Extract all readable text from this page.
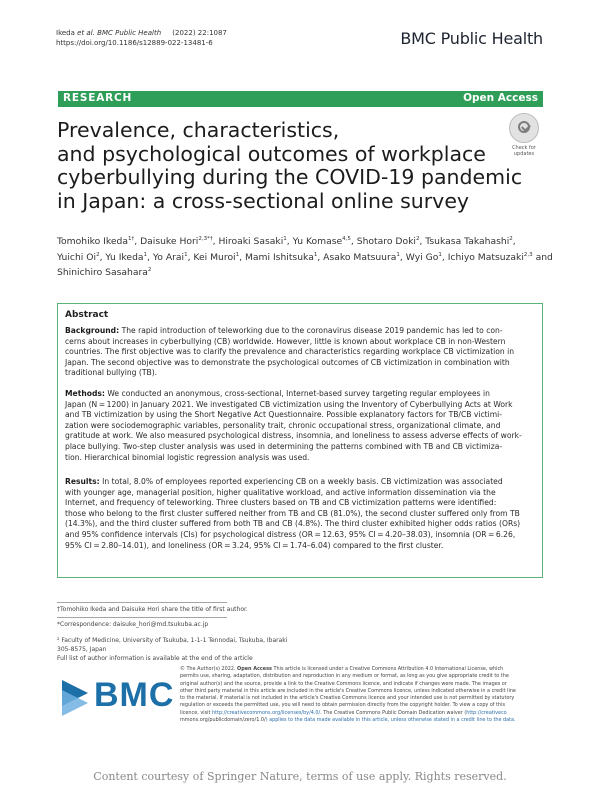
Ikeda et al. BMC Public Health (2022) 22:1087
https://doi.org/10.1186/s12889-022-13481-6	BMC Public Health
RESEARCH	Open Access
Prevalence, characteristics,
and psychological outcomes of workplace
cyberbullying during the COVID-19 pandemic
in Japan: a cross-sectional online survey
Check for
updates
Tomohiko Ikeda$^{1\dagger}$, Daisuke Hori$^{2,3*\dagger}$, Hiroaki Sasaki$^1$, Yu Komase$^{4,5}$, Shotaro Doki$^2$, Tsukasa Takahashi$^2$,
Yuichi Oi$^2$, Yu Ikeda$^1$, Yo Arai$^1$, Kei Muroi$^1$, Mami Ishitsuka$^1$, Asako Matsuura$^1$, Wyi Go$^1$, Ichiyo Matsuzaki$^{2,3}$ and
Shinichiro Sasahara$^2$
Abstract
Background: The rapid introduction of teleworking due to the coronavirus disease 2019 pandemic has led to con-
cerns about increases in cyberbullying (CB) worldwide. However, little is known about workplace CB in non-Western
countries. The first objective was to clarify the prevalence and characteristics regarding workplace CB victimization in
Japan. The second objective was to demonstrate the psychological outcomes of CB victimization in combination with
traditional bullying (TB).
Methods: We conducted an anonymous, cross-sectional, Internet-based survey targeting regular employees in
Japan (N = 1200) in January 2021. We investigated CB victimization using the Inventory of Cyberbullying Acts at Work
and TB victimization by using the Short Negative Act Questionnaire. Possible explanatory factors for TB/CB victimi-
zation were sociodemographic variables, personality trait, chronic occupational stress, organizational climate, and
gratitude at work. We also measured psychological distress, insomnia, and loneliness to assess adverse effects of work-
place bullying. Two-step cluster analysis was used in determining the patterns combined with TB and CB victimiza-
tion. Hierarchical binomial logistic regression analysis was used.
Results: In total, 8.0% of employees reported experiencing CB on a weekly basis. CB victimization was associated
with younger age, managerial position, higher qualitative workload, and active information dissemination via the
Internet, and frequency of teleworking. Three clusters based on TB and CB victimization patterns were identified:
those who belong to the first cluster suffered neither from TB and CB (81.0%), the second cluster suffered only from TB
(14.3%), and the third cluster suffered from both TB and CB (4.8%). The third cluster exhibited higher odds ratios (ORs)
and 95% confidence intervals (CIs) for psychological distress (OR = 12.63, 95% CI = 4.20–38.03), insomnia (OR = 6.26,
95% CI = 2.80–14.01), and loneliness (OR = 3.24, 95% CI = 1.74–6.04) compared to the first cluster.
†Tomohiko Ikeda and Daisuke Hori share the title of first author.
*Correspondence: daisuke_hori@md.tsukuba.ac.jp
² Faculty of Medicine, University of Tsukuba, 1-1-1 Tennodai, Tsukuba, Ibaraki
305-8575, Japan
Full list of author information is available at the end of the article
BMC
© The Author(s) 2022. Open Access This article is licensed under a Creative Commons Attribution 4.0 International License, which
permits use, sharing, adaptation, distribution and reproduction in any medium or format, as long as you give appropriate credit to the
original author(s) and the source, provide a link to the Creative Commons licence, and indicate if changes were made. The images or
other third party material in this article are included in the article's Creative Commons licence, unless indicated otherwise in a credit line
to the material. If material is not included in the article's Creative Commons licence and your intended use is not permitted by statutory
regulation or exceeds the permitted use, you will need to obtain permission directly from the copyright holder. To view a copy of this
licence, visit http://creativecommons.org/licenses/by/4.0/. The Creative Commons Public Domain Dedication waiver (http://creativeco
mmons.org/publicdomain/zero/1.0/) applies to the data made available in this article, unless otherwise stated in a credit line to the data.
Content courtesy of Springer Nature, terms of use apply. Rights reserved.
